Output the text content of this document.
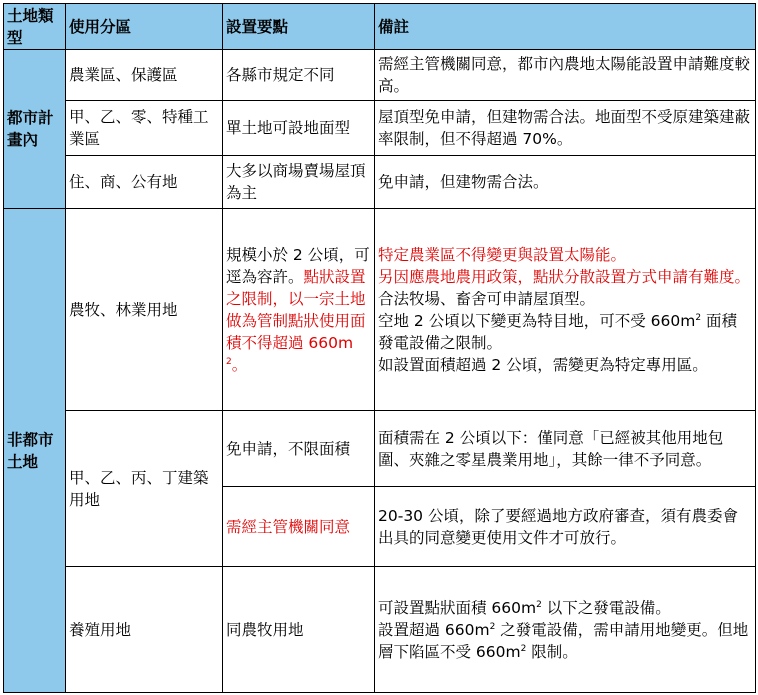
土地類型	使用分區	設置要點	備註
都市計畫內	農業區、保護區	各縣市規定不同	需經主管機關同意，都市內農地太陽能設置申請難度較高。
	甲、乙、零、特種工業區	單土地可設地面型	屋頂型免申請，但建物需合法。地面型不受原建築建蔽率限制，但不得超過 70%。
	住、商、公有地	大多以商場賣場屋頂為主	免申請，但建物需合法。
非都市土地	農牧、林業用地	規模小於 2 公頃，可逕為容許。點狀設置之限制，以一宗土地做為管制點狀使用面積不得超過 $660m^2$。	特定農業區不得變更與設置太陽能。
另因應農地農用政策，點狀分散設置方式申請有難度。
合法牧場、畜舍可申請屋頂型。
空地 2 公頃以下變更為特目地，可不受 $660m^2$ 面積發電設備之限制。
如設置面積超過 2 公頃，需變更為特定專用區。

	甲、乙、丙、丁建築用地	免申請，不限面積	面積需在 2 公頃以下：僅同意「已經被其他用地包圍、夾雜之零星農業用地」，其餘一律不予同意。
		需經主管機關同意	20-30 公頃，除了要經過地方政府審查，須有農委會出具的同意變更使用文件才可放行。
	養殖用地	同農牧用地	可設置點狀面積 $660m^2$ 以下之發電設備。
設置超過 $660m^2$ 之發電設備，需申請用地變更。但地層下陷區不受 $660m^2$ 限制。
